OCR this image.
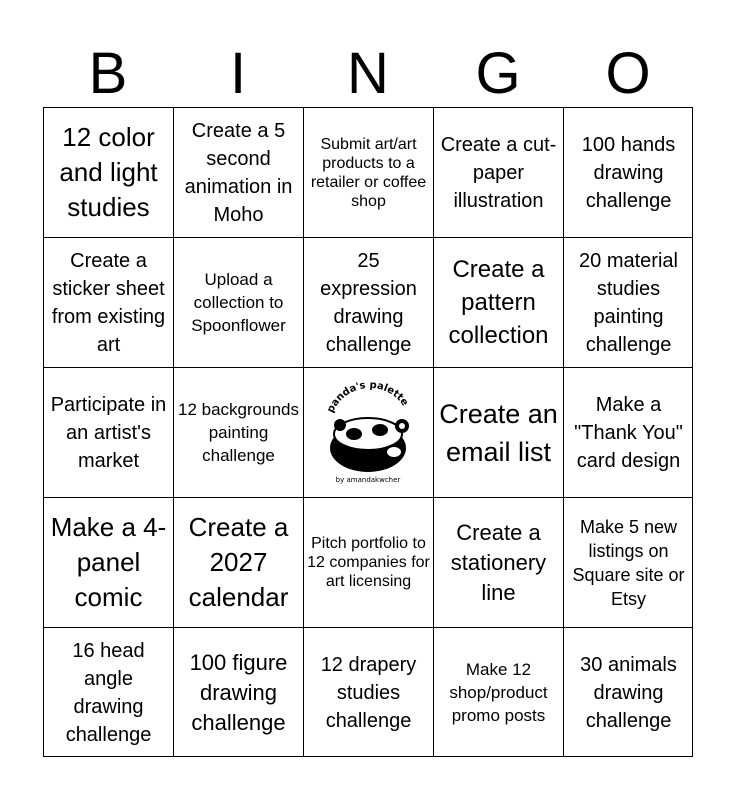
B	I	N	G	O
12 color and light studies
Create a 5 second animation in Moho
Submit art/art products to a retailer or coffee shop
Create a cut-paper illustration
100 hands drawing challenge
Create a sticker sheet from existing art
Upload a collection to Spoonflower
25 expression drawing challenge
Create a pattern collection
20 material studies painting challenge
Participate in an artist's market
12 backgrounds painting challenge
panda's palette
by amandakwcher
Create an email list
Make a "Thank You" card design
Make a 4-panel comic
Create a 2027 calendar
Pitch portfolio to 12 companies for art licensing
Create a stationery line
Make 5 new listings on Square site or Etsy
16 head angle drawing challenge
100 figure drawing challenge
12 drapery studies challenge
Make 12 shop/product promo posts
30 animals drawing challenge
